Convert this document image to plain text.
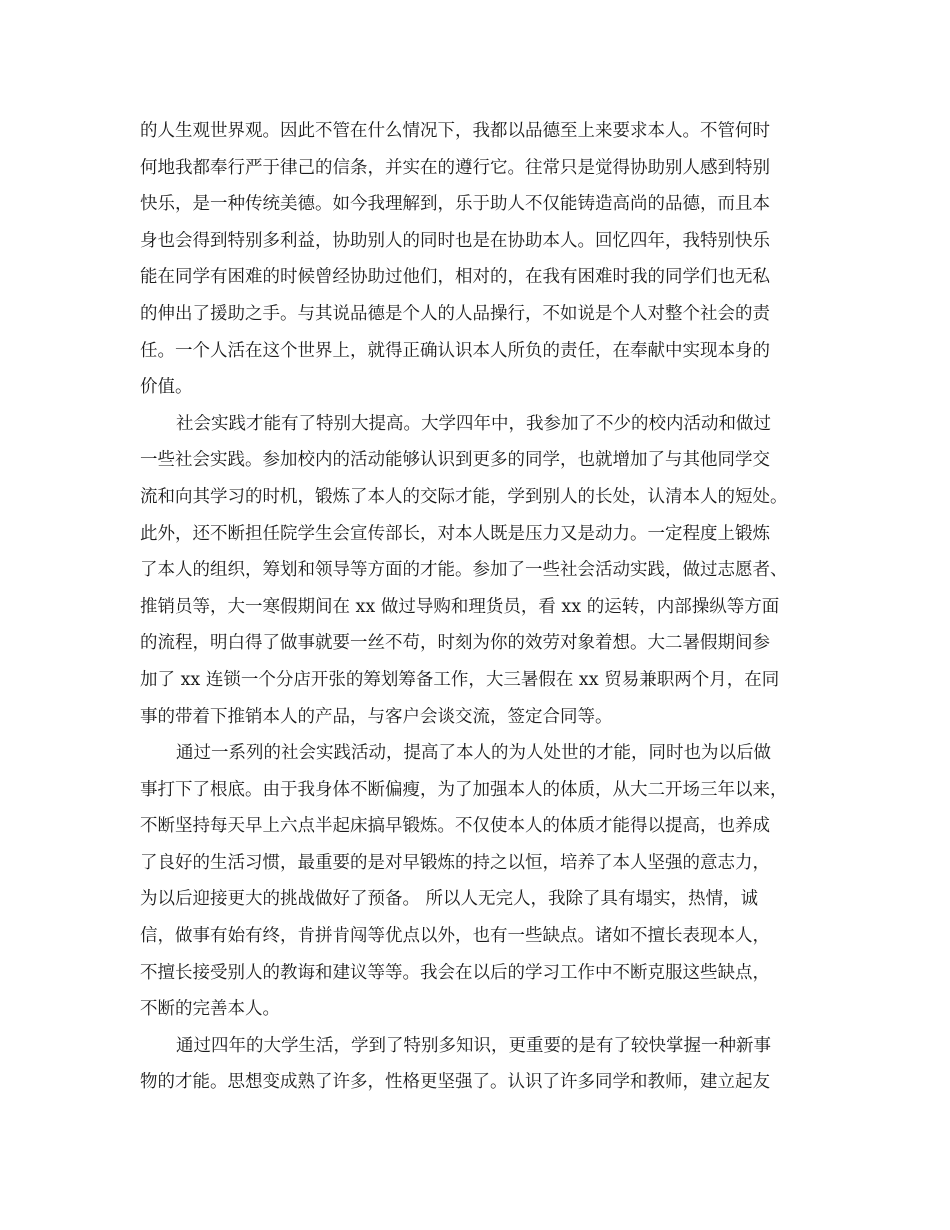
的人生观世界观。因此不管在什么情况下，我都以品德至上来要求本人。不管何时
何地我都奉行严于律己的信条，并实在的遵行它。往常只是觉得协助别人感到特别
快乐，是一种传统美德。如今我理解到，乐于助人不仅能铸造高尚的品德，而且本
身也会得到特别多利益，协助别人的同时也是在协助本人。回忆四年，我特别快乐
能在同学有困难的时候曾经协助过他们，相对的，在我有困难时我的同学们也无私
的伸出了援助之手。与其说品德是个人的人品操行，不如说是个人对整个社会的责
任。一个人活在这个世界上，就得正确认识本人所负的责任，在奉献中实现本身的
价值。
社会实践才能有了特别大提高。大学四年中，我参加了不少的校内活动和做过
一些社会实践。参加校内的活动能够认识到更多的同学，也就增加了与其他同学交
流和向其学习的时机，锻炼了本人的交际才能，学到别人的长处，认清本人的短处。
此外，还不断担任院学生会宣传部长，对本人既是压力又是动力。一定程度上锻炼
了本人的组织，筹划和领导等方面的才能。参加了一些社会活动实践，做过志愿者、
推销员等，大一寒假期间在 xx 做过导购和理货员，看 xx 的运转，内部操纵等方面
的流程，明白得了做事就要一丝不苟，时刻为你的效劳对象着想。大二暑假期间参
加了 xx 连锁一个分店开张的筹划筹备工作，大三暑假在 xx 贸易兼职两个月，在同
事的带着下推销本人的产品，与客户会谈交流，签定合同等。
通过一系列的社会实践活动，提高了本人的为人处世的才能，同时也为以后做
事打下了根底。由于我身体不断偏瘦，为了加强本人的体质，从大二开场三年以来，
不断坚持每天早上六点半起床搞早锻炼。不仅使本人的体质才能得以提高，也养成
了良好的生活习惯，最重要的是对早锻炼的持之以恒，培养了本人坚强的意志力，
为以后迎接更大的挑战做好了预备。 所以人无完人，我除了具有塌实，热情，诚
信，做事有始有终，肯拼肯闯等优点以外，也有一些缺点。诸如不擅长表现本人，
不擅长接受别人的教诲和建议等等。我会在以后的学习工作中不断克服这些缺点，
不断的完善本人。
通过四年的大学生活，学到了特别多知识，更重要的是有了较快掌握一种新事
物的才能。思想变成熟了许多，性格更坚强了。认识了许多同学和教师，建立起友
